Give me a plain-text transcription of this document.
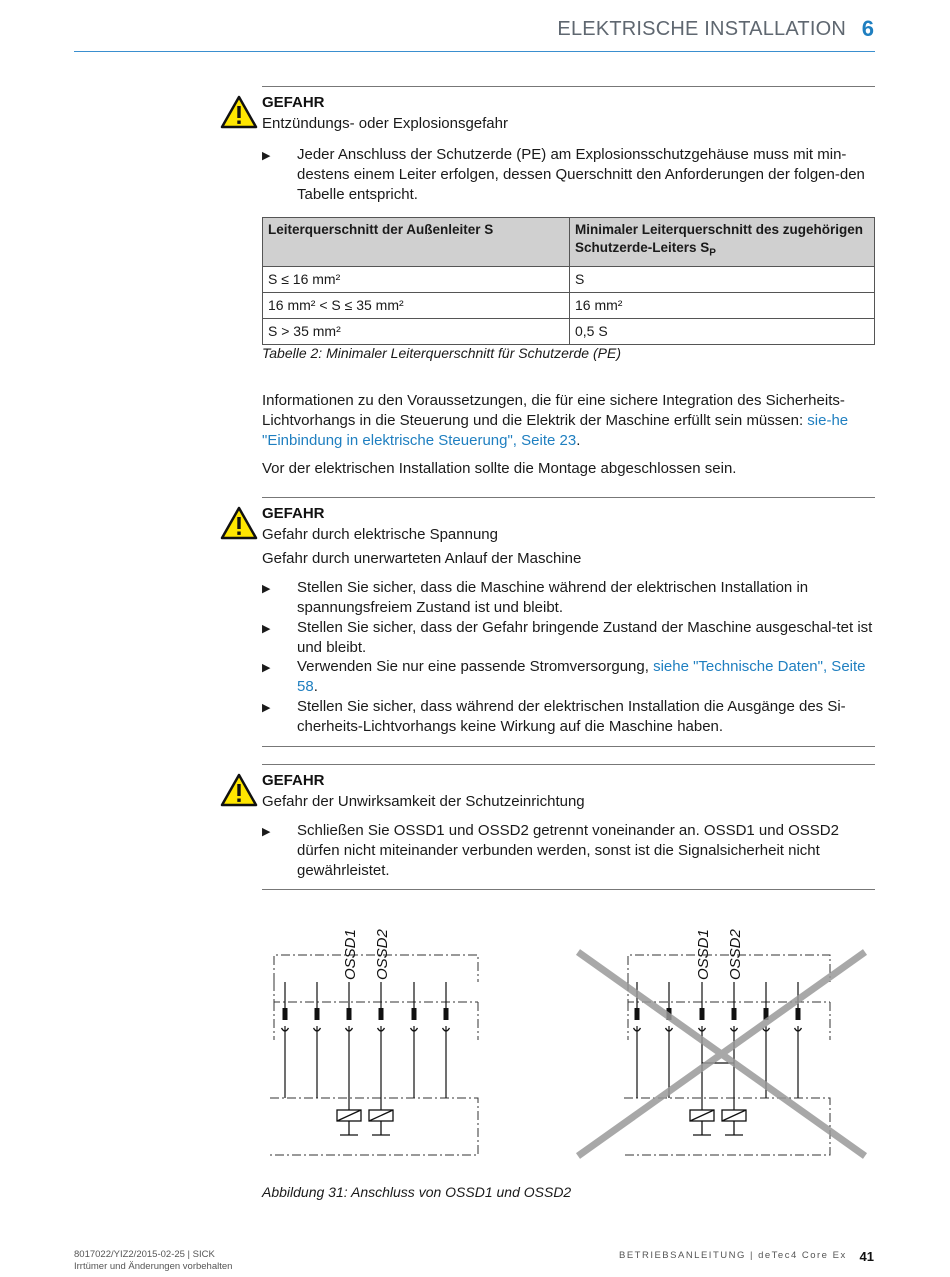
ELEKTRISCHE INSTALLATION 6
GEFAHR
Entzündungs- oder Explosionsgefahr
▶ Jeder Anschluss der Schutzerde (PE) am Explosionsschutzgehäuse muss mit min-destens einem Leiter erfolgen, dessen Querschnitt den Anforderungen der folgen-den Tabelle entspricht.
Leiterquerschnitt der Außenleiter S	Minimaler Leiterquerschnitt des zugehörigen Schutzerde-Leiters $S_P$
S ≤ 16 mm²	S
16 mm² < S ≤ 35 mm²	16 mm²
S > 35 mm²	0,5 S
Tabelle 2: Minimaler Leiterquerschnitt für Schutzerde (PE)
Informationen zu den Voraussetzungen, die für eine sichere Integration des Sicherheits-Lichtvorhangs in die Steuerung und die Elektrik der Maschine erfüllt sein müssen: sie-he "Einbindung in elektrische Steuerung", Seite 23.
Vor der elektrischen Installation sollte die Montage abgeschlossen sein.
GEFAHR
Gefahr durch elektrische Spannung
Gefahr durch unerwarteten Anlauf der Maschine
▶ Stellen Sie sicher, dass die Maschine während der elektrischen Installation in spannungsfreiem Zustand ist und bleibt.
▶ Stellen Sie sicher, dass der Gefahr bringende Zustand der Maschine ausgeschal-tet ist und bleibt.
▶ Verwenden Sie nur eine passende Stromversorgung, siehe "Technische Daten", Seite 58.
▶ Stellen Sie sicher, dass während der elektrischen Installation die Ausgänge des Si-cherheits-Lichtvorhangs keine Wirkung auf die Maschine haben.
GEFAHR
Gefahr der Unwirksamkeit der Schutzeinrichtung
▶ Schließen Sie OSSD1 und OSSD2 getrennt voneinander an. OSSD1 und OSSD2 dürfen nicht miteinander verbunden werden, sonst ist die Signalsicherheit nicht gewährleistet.
OSSD1 OSSD2	OSSD1 OSSD2
Abbildung 31: Anschluss von OSSD1 und OSSD2
8017022/YIZ2/2015-02-25 | SICK
Irrtümer und Änderungen vorbehalten
BETRIEBSANLEITUNG | deTec4 Core Ex 41
